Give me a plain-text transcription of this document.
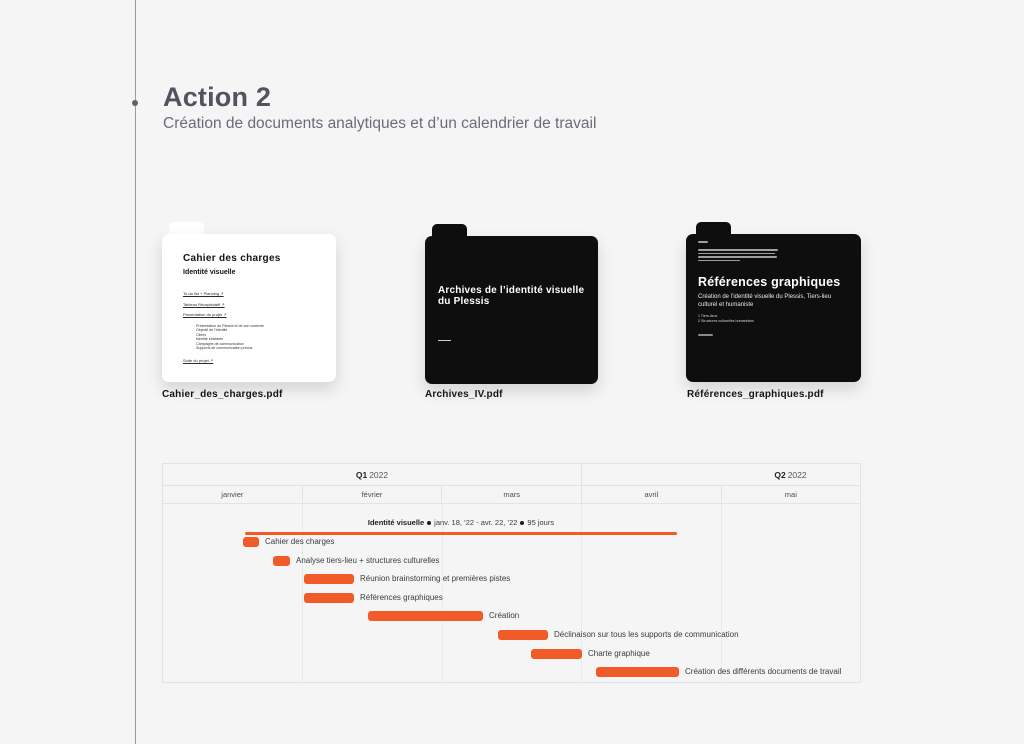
Action 2

Création de documents analytiques et d’un calendrier de travail

Cahier des charges
Identité visuelle
To-do list + Planning ↗
Tableau Récapitulatif ↗
Présentation du projet ↗
Présentation du Plessis et de son contexte
Objectif de l’identité
Cibles
Identité existante
Campagne de communication
Supports de communication prévus
Suite du projet ↗
Cahier_des_charges.pdf
Archives de l’identité visuelle du Plessis
Archives_IV.pdf
Références graphiques
Création de l’identité visuelle du Plessis, Tiers-lieu culturel et humaniste
1 Tiers-lieux
2 Structures culturelles humanistes
Références_graphiques.pdf
Q1 2022	Q2 2022
janvier	février	mars	avril	mai
Identité visuelle janv. 18, ’22 - avr. 22, ’22 95 jours
Cahier des charges
Analyse tiers-lieu + structures culturelles
Réunion brainstorming et premières pistes
Références graphiques
Création
Déclinaison sur tous les supports de communication
Charte graphique
Création des différents documents de travail
